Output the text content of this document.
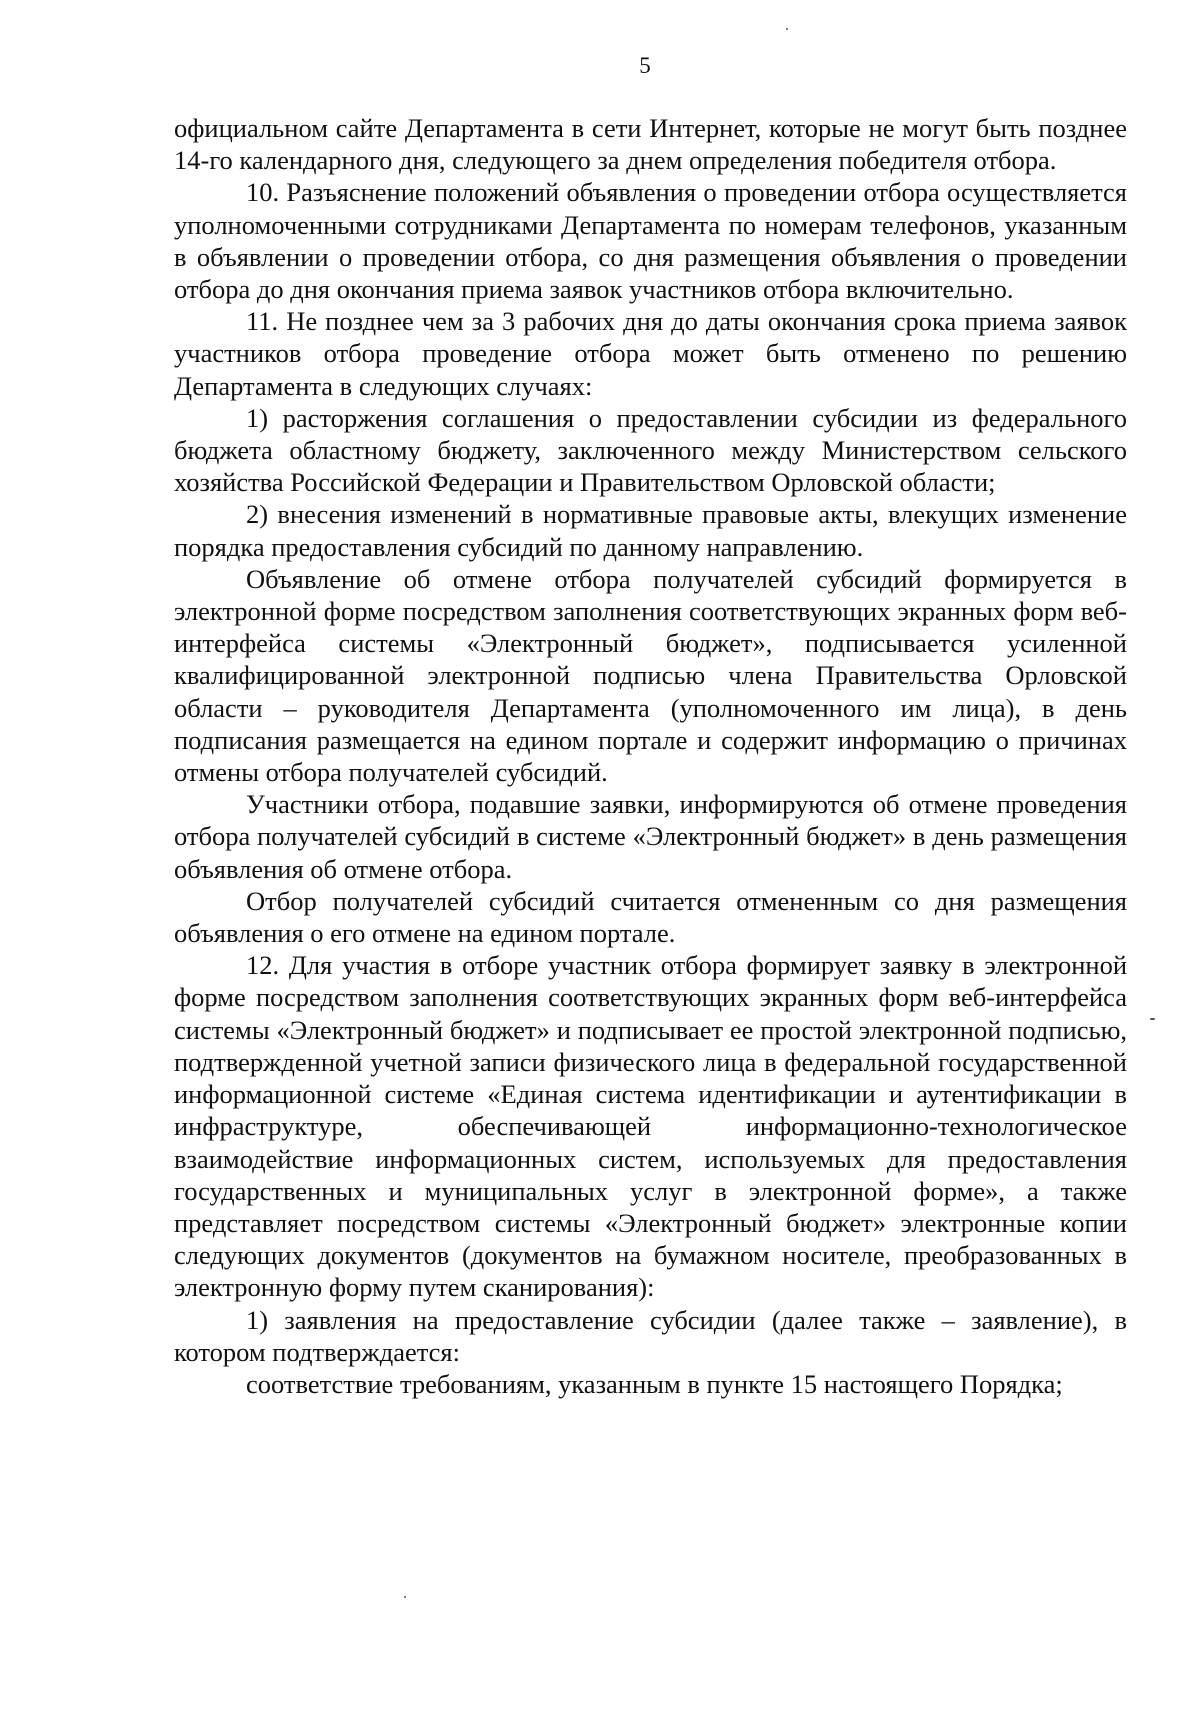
5

официальном сайте Департамента в сети Интернет, которые не могут быть позднее 14-го календарного дня, следующего за днем определения победителя отбора.

10. Разъяснение положений объявления о проведении отбора осуществляется уполномоченными сотрудниками Департамента по номерам телефонов, указанным в объявлении о проведении отбора, со дня размещения объявления о проведении отбора до дня окончания приема заявок участников отбора включительно.

11. Не позднее чем за 3 рабочих дня до даты окончания срока приема заявок участников отбора проведение отбора может быть отменено по решению Департамента в следующих случаях:

1) расторжения соглашения о предоставлении субсидии из федерального бюджета областному бюджету, заключенного между Министерством сельского хозяйства Российской Федерации и Правительством Орловской области;

2) внесения изменений в нормативные правовые акты, влекущих изменение порядка предоставления субсидий по данному направлению.

Объявление об отмене отбора получателей субсидий формируется в электронной форме посредством заполнения соответствующих экранных форм веб-интерфейса системы «Электронный бюджет», подписывается усиленной квалифицированной электронной подписью члена Правительства Орловской области – руководителя Департамента (уполномоченного им лица), в день подписания размещается на едином портале и содержит информацию о причинах отмены отбора получателей субсидий.

Участники отбора, подавшие заявки, информируются об отмене проведения отбора получателей субсидий в системе «Электронный бюджет» в день размещения объявления об отмене отбора.

Отбор получателей субсидий считается отмененным со дня размещения объявления о его отмене на едином портале.

12. Для участия в отборе участник отбора формирует заявку в электронной форме посредством заполнения соответствующих экранных форм веб-интерфейса системы «Электронный бюджет» и подписывает ее простой электронной подписью, подтвержденной учетной записи физического лица в федеральной государственной информационной системе «Единая система идентификации и аутентификации в инфраструктуре, обеспечивающей информационно-технологическое взаимодействие информационных систем, используемых для предоставления государственных и муниципальных услуг в электронной форме», а также представляет посредством системы «Электронный бюджет» электронные копии следующих документов (документов на бумажном носителе, преобразованных в электронную форму путем сканирования):

1) заявления на предоставление субсидии (далее также – заявление), в котором подтверждается:

соответствие требованиям, указанным в пункте 15 настоящего Порядка;
